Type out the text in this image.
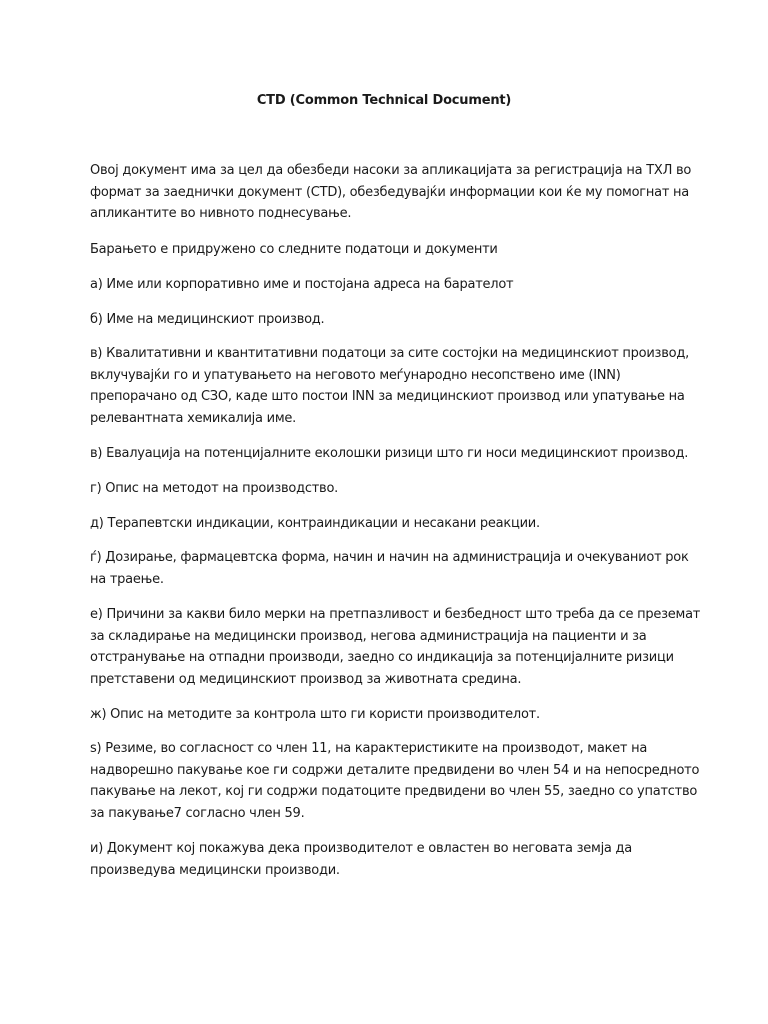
CTD (Common Technical Document)
Овој документ има за цел да обезбеди насоки за апликацијата за регистрација на ТХЛ во
формат за заеднички документ (CTD), обезбедувајќи информации кои ќе му помогнат на
апликантите во нивното поднесување.
Барањето е придружено со следните податоци и документи
а) Име или корпоративно име и постојана адреса на барателот
б) Име на медицинскиот производ.
в) Квалитативни и квантитативни податоци за сите состојки на медицинскиот производ,
вклучувајќи го и упатувањето на неговото меѓународно несопствено име (INN)
препорачано од СЗО, каде што постои INN за медицинскиот производ или упатување на
релевантната хемикалија име.
в) Евалуација на потенцијалните еколошки ризици што ги носи медицинскиот производ.
г) Опис на методот на производство.
д) Терапевтски индикации, контраиндикации и несакани реакции.
ѓ) Дозирање, фармацевтска форма, начин и начин на администрација и очекуваниот рок
на траење.
е) Причини за какви било мерки на претпазливост и безбедност што треба да се преземат
за складирање на медицински производ, негова администрација на пациенти и за
отстранување на отпадни производи, заедно со индикација за потенцијалните ризици
претставени од медицинскиот производ за животната средина.
ж) Опис на методите за контрола што ги користи производителот.
ѕ) Резиме, во согласност со член 11, на карактеристиките на производот, макет на
надворешно пакување кое ги содржи деталите предвидени во член 54 и на непосредното
пакување на лекот, кој ги содржи податоците предвидени во член 55, заедно со упатство
за пакување7 согласно член 59.
и) Документ кој покажува дека производителот е овластен во неговата земја да
произведува медицински производи.
